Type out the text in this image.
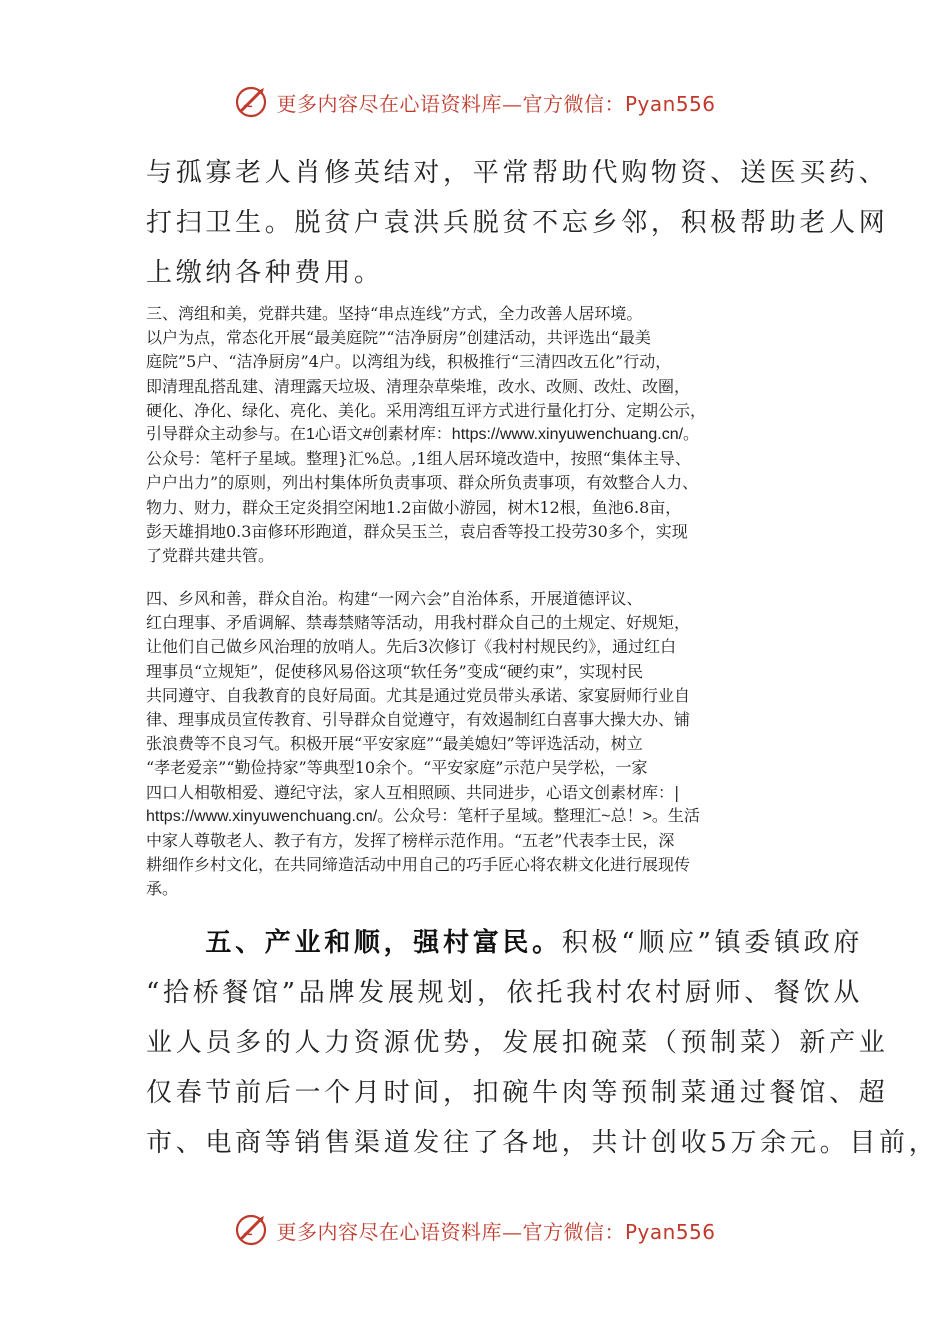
更多内容尽在心语资料库—官方微信：Pyan556
与孤寡老人肖修英结对，平常帮助代购物资、送医买药、
打扫卫生。脱贫户袁洪兵脱贫不忘乡邻，积极帮助老人网
上缴纳各种费用。
三、湾组和美，党群共建。坚持“串点连线”方式，全力改善人居环境。
以户为点，常态化开展“最美庭院”“洁净厨房”创建活动，共评选出“最美
庭院”5户、“洁净厨房”4户。以湾组为线，积极推行“三清四改五化”行动，
即清理乱搭乱建、清理露天垃圾、清理杂草柴堆，改水、改厕、改灶、改圈，
硬化、净化、绿化、亮化、美化。采用湾组互评方式进行量化打分、定期公示，
引导群众主动参与。在1心语文#创素材库：https://www.xinyuwenchuang.cn/。
公众号：笔杆子星域。整理}汇%总。,1组人居环境改造中，按照“集体主导、
户户出力”的原则，列出村集体所负责事项、群众所负责事项，有效整合人力、
物力、财力，群众王定炎捐空闲地1.2亩做小游园，树木12根，鱼池6.8亩，
彭天雄捐地0.3亩修环形跑道，群众吴玉兰，袁启香等投工投劳30多个，实现
了党群共建共管。
四、乡风和善，群众自治。构建“一网六会”自治体系，开展道德评议、
红白理事、矛盾调解、禁毒禁赌等活动，用我村群众自己的土规定、好规矩，
让他们自己做乡风治理的放哨人。先后3次修订《我村村规民约》，通过红白
理事员“立规矩”，促使移风易俗这项“软任务”变成“硬约束”，实现村民
共同遵守、自我教育的良好局面。尤其是通过党员带头承诺、家宴厨师行业自
律、理事成员宣传教育、引导群众自觉遵守，有效遏制红白喜事大操大办、铺
张浪费等不良习气。积极开展“平安家庭”“最美媳妇”等评选活动，树立
“孝老爱亲”“勤俭持家”等典型10余个。“平安家庭”示范户吴学松，一家
四口人相敬相爱、遵纪守法，家人互相照顾、共同进步，心语文创素材库：|
https://www.xinyuwenchuang.cn/。公众号：笔杆子星域。整理汇~总！>。生活
中家人尊敬老人、教子有方，发挥了榜样示范作用。“五老”代表李士民，深
耕细作乡村文化，在共同缔造活动中用自己的巧手匠心将农耕文化进行展现传
承。
　　五、产业和顺，强村富民。积极“顺应”镇委镇政府
“拾桥餐馆”品牌发展规划，依托我村农村厨师、餐饮从
业人员多的人力资源优势，发展扣碗菜（预制菜）新产业
仅春节前后一个月时间，扣碗牛肉等预制菜通过餐馆、超
市、电商等销售渠道发往了各地，共计创收5万余元。目前，
更多内容尽在心语资料库—官方微信：Pyan556
